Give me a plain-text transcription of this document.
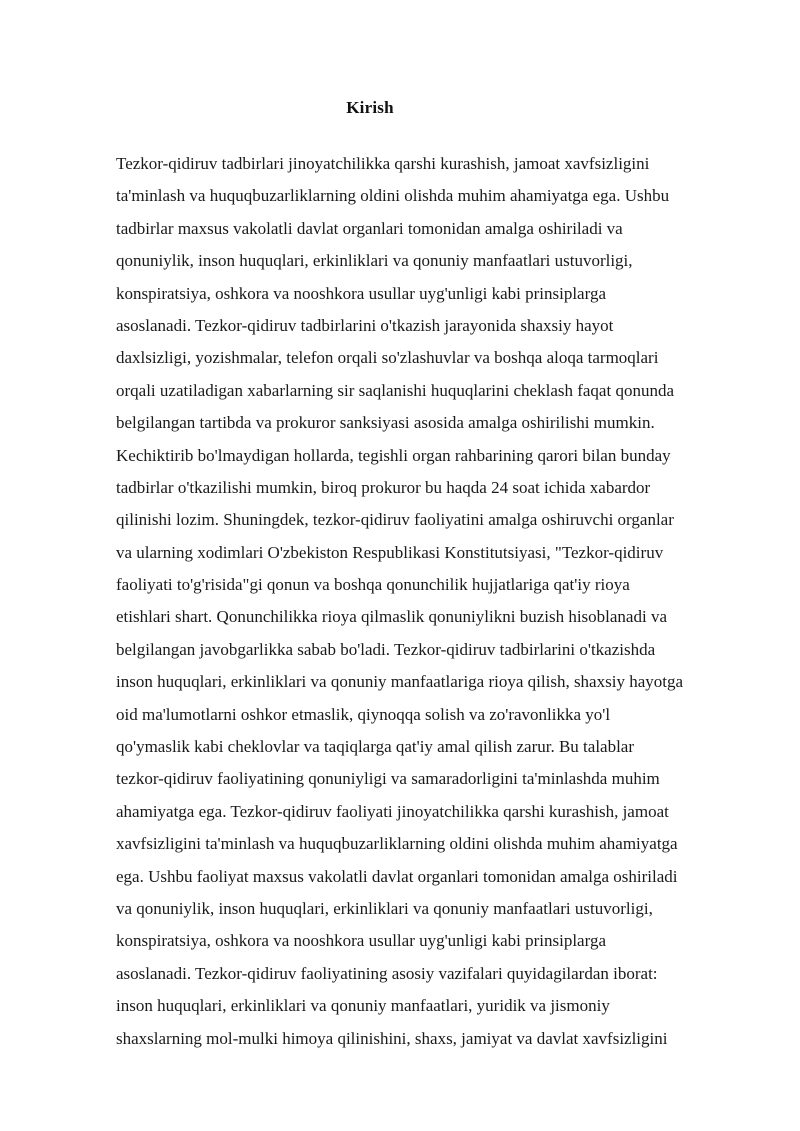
Kirish
Tezkor-qidiruv tadbirlari jinoyatchilikka qarshi kurashish, jamoat xavfsizligini
ta'minlash va huquqbuzarliklarning oldini olishda muhim ahamiyatga ega. Ushbu
tadbirlar maxsus vakolatli davlat organlari tomonidan amalga oshiriladi va
qonuniylik, inson huquqlari, erkinliklari va qonuniy manfaatlari ustuvorligi,
konspiratsiya, oshkora va nooshkora usullar uyg'unligi kabi prinsiplarga
asoslanadi. Tezkor-qidiruv tadbirlarini o'tkazish jarayonida shaxsiy hayot
daxlsizligi, yozishmalar, telefon orqali so'zlashuvlar va boshqa aloqa tarmoqlari
orqali uzatiladigan xabarlarning sir saqlanishi huquqlarini cheklash faqat qonunda
belgilangan tartibda va prokuror sanksiyasi asosida amalga oshirilishi mumkin.
Kechiktirib bo'lmaydigan hollarda, tegishli organ rahbarining qarori bilan bunday
tadbirlar o'tkazilishi mumkin, biroq prokuror bu haqda 24 soat ichida xabardor
qilinishi lozim. Shuningdek, tezkor-qidiruv faoliyatini amalga oshiruvchi organlar
va ularning xodimlari O'zbekiston Respublikasi Konstitutsiyasi, "Tezkor-qidiruv
faoliyati to'g'risida"gi qonun va boshqa qonunchilik hujjatlariga qat'iy rioya
etishlari shart. Qonunchilikka rioya qilmaslik qonuniylikni buzish hisoblanadi va
belgilangan javobgarlikka sabab bo'ladi. Tezkor-qidiruv tadbirlarini o'tkazishda
inson huquqlari, erkinliklari va qonuniy manfaatlariga rioya qilish, shaxsiy hayotga
oid ma'lumotlarni oshkor etmaslik, qiynoqqa solish va zo'ravonlikka yo'l
qo'ymaslik kabi cheklovlar va taqiqlarga qat'iy amal qilish zarur. Bu talablar
tezkor-qidiruv faoliyatining qonuniyligi va samaradorligini ta'minlashda muhim
ahamiyatga ega. Tezkor-qidiruv faoliyati jinoyatchilikka qarshi kurashish, jamoat
xavfsizligini ta'minlash va huquqbuzarliklarning oldini olishda muhim ahamiyatga
ega. Ushbu faoliyat maxsus vakolatli davlat organlari tomonidan amalga oshiriladi
va qonuniylik, inson huquqlari, erkinliklari va qonuniy manfaatlari ustuvorligi,
konspiratsiya, oshkora va nooshkora usullar uyg'unligi kabi prinsiplarga
asoslanadi. Tezkor-qidiruv faoliyatining asosiy vazifalari quyidagilardan iborat:
inson huquqlari, erkinliklari va qonuniy manfaatlari, yuridik va jismoniy
shaxslarning mol-mulki himoya qilinishini, shaxs, jamiyat va davlat xavfsizligini
